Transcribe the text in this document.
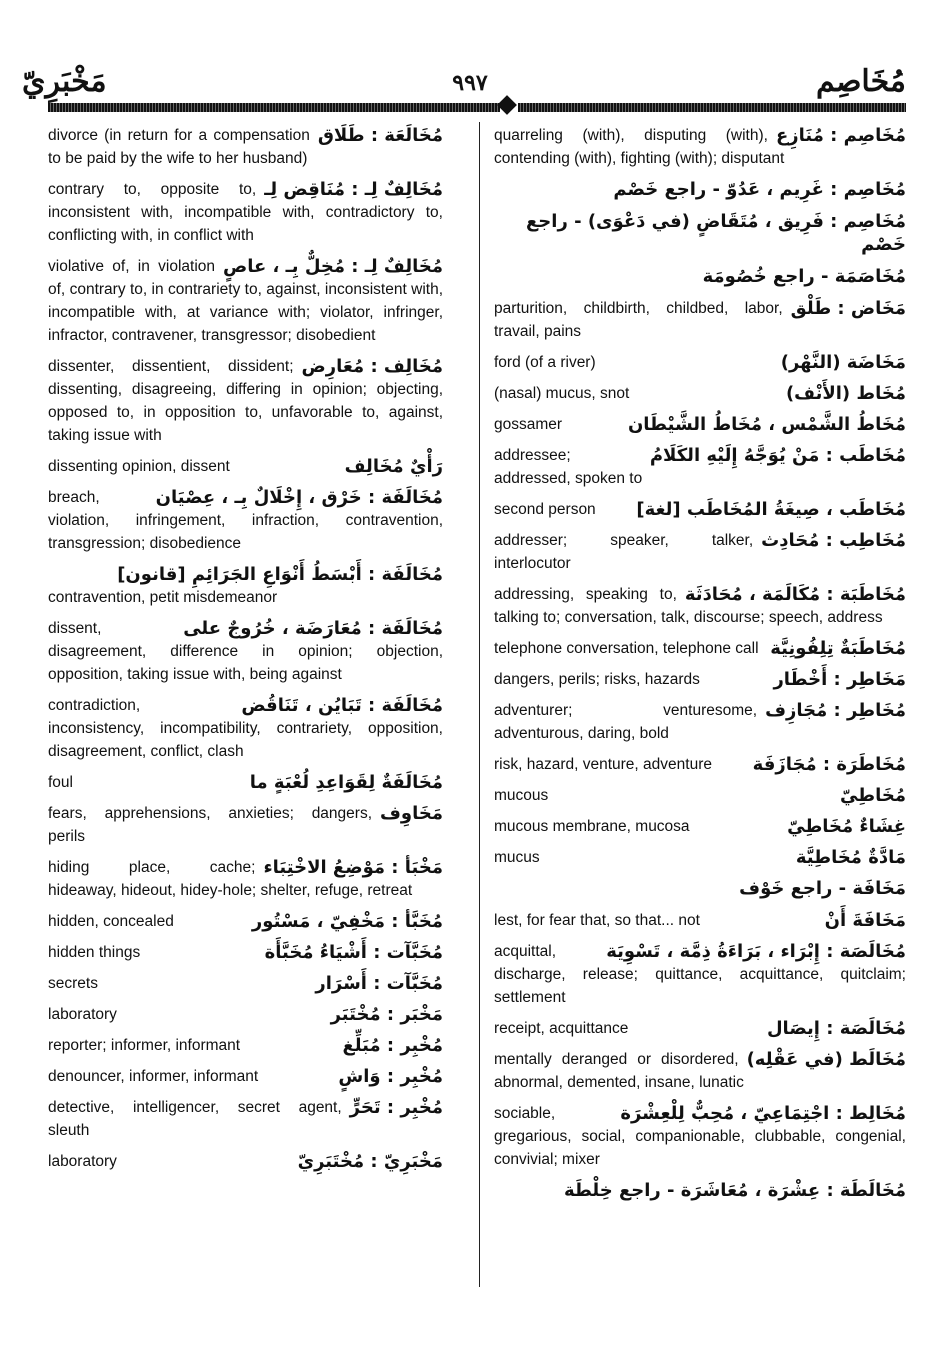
مَخْبَرِيّ	٩٩٧	مُخَاصِم
مُخَالَعَة : طَلَاق
divorce (in return for a compensation to be paid by the wife to her husband)
مُخَالِفٌ لِـ : مُنَاقِض لِـ
contrary to, opposite to, inconsistent with, incompatible with, contradictory to, conflicting with, in conflict with
مُخَالِفٌ لِـ : مُخِلٌّ بِـ ، عاصٍ
violative of, in violation of, contrary to, in contrariety to, against, inconsistent with, incompatible with, at variance with; violator, infringer, infractor, contravener, transgressor; disobedient
مُخَالِف : مُعَارِض
dissenter, dissentient, dissident; dissenting, disagreeing, differing in opinion; objecting, opposed to, in opposition to, unfavorable to, against, taking issue with
رَأْيٌ مُخَالِف
dissenting opinion, dissent
مُخَالَفَة : خَرْق ، إِخْلَالٌ بِـ ، عِصْيَان
breach, violation, infringement, infraction, contravention, transgression; disobedience
مُخَالَفَة : أَبْسَطُ أَنْوَاعِ الجَرَائِمِ [قانون]
contravention, petit misdemeanor
مُخَالَفَة : مُعَارَضَة ، خُرُوجٌ على
dissent, disagreement, difference in opinion; objection, opposition, taking issue with, being against
مُخَالَفَة : تَبَايُن ، تَنَاقُض
contradiction, inconsistency, incompatibility, contrariety, opposition, disagreement, conflict, clash
مُخَالَفَةٌ لِقَوَاعِدِ لُعْبَةٍ ما
foul
مَخَاوِف
fears, apprehensions, anxieties; dangers, perils
مَخْبَأ : مَوْضِعُ الاخْتِبَاء
hiding place, cache; hideaway, hideout, hidey-hole; shelter, refuge, retreat
مُخَبَّأ : مَخْفِيّ ، مَسْتُور
hidden, concealed
مُخَبَّآت : أَشْيَاءُ مُخَبَّأَة
hidden things
مُخَبَّآت : أَسْرَار
secrets
مَخْبَر : مُخْتَبَر
laboratory
مُخْبِر : مُبَلِّغ
reporter; informer, informant
مُخْبِر : وَاشٍ
denouncer, informer, informant
مُخْبِر : تَحَرٍّ
detective, intelligencer, secret agent, sleuth
مَخْبَرِيّ : مُخْتَبَرِيّ
laboratory
مُخَاصِم : مُنَازِع
quarreling (with), disputing (with), contending (with), fighting (with); disputant
مُخَاصِم : غَرِيم ، عَدُوّ - راجع خَصْم
مُخَاصِم : فَرِيق ، مُتَقَاضٍ (في دَعْوَى) - راجع خَصْم
مُخَاصَمَة - راجع خُصُومَة
مَخَاض : طَلْق
parturition, childbirth, childbed, labor, travail, pains
مَخَاضَة (النَّهْر)
ford (of a river)
مُخَاط (الأَنْف)
(nasal) mucus, snot
مُخَاطُ الشَّمْس ، مُخَاطُ الشَّيْطَان
gossamer
مُخَاطَب : مَنْ يُوَجَّهُ إِلَيْهِ الكَلَامُ
addressee; addressed, spoken to
مُخَاطَب ، صِيغَةُ المُخَاطَب [لغة]
second person
مُخَاطِب : مُحَادِث
addresser; speaker, talker, interlocutor
مُخَاطَبَة : مُكَالَمَة ، مُحَادَثَة
addressing, speaking to, talking to; conversation, talk, discourse; speech, address
مُخَاطَبَةٌ تِلِفُونِيَّة
telephone conversation, telephone call
مَخَاطِر : أَخْطَار
dangers, perils; risks, hazards
مُخَاطِر : مُجَازِف
adventurer; venturesome, adventurous, daring, bold
مُخَاطَرَة : مُجَازَفَة
risk, hazard, venture, adventure
مُخَاطِيّ
mucous
غِشَاءٌ مُخَاطِيّ
mucous membrane, mucosa
مَادَّةٌ مُخَاطِيَّة
mucus
مَخَافَة - راجع خَوْف
مَخَافَةَ أَنْ
lest, for fear that, so that... not
مُخَالَصَة : إِبْرَاء ، بَرَاءَةُ ذِمَّة ، تَسْوِيَة
acquittal, discharge, release; quittance, acquittance, quitclaim; settlement
مُخَالَصَة : إِيصَال
receipt, acquittance
مُخَالَط (في عَقْلِه)
mentally deranged or disordered, abnormal, demented, insane, lunatic
مُخَالِط : اجْتِمَاعِيّ ، مُحِبٌّ لِلْعِشْرَة
sociable, gregarious, social, companionable, clubbable, congenial, convivial; mixer
مُخَالَطَة : عِشْرَة ، مُعَاشَرَة - راجع خِلْطَة
